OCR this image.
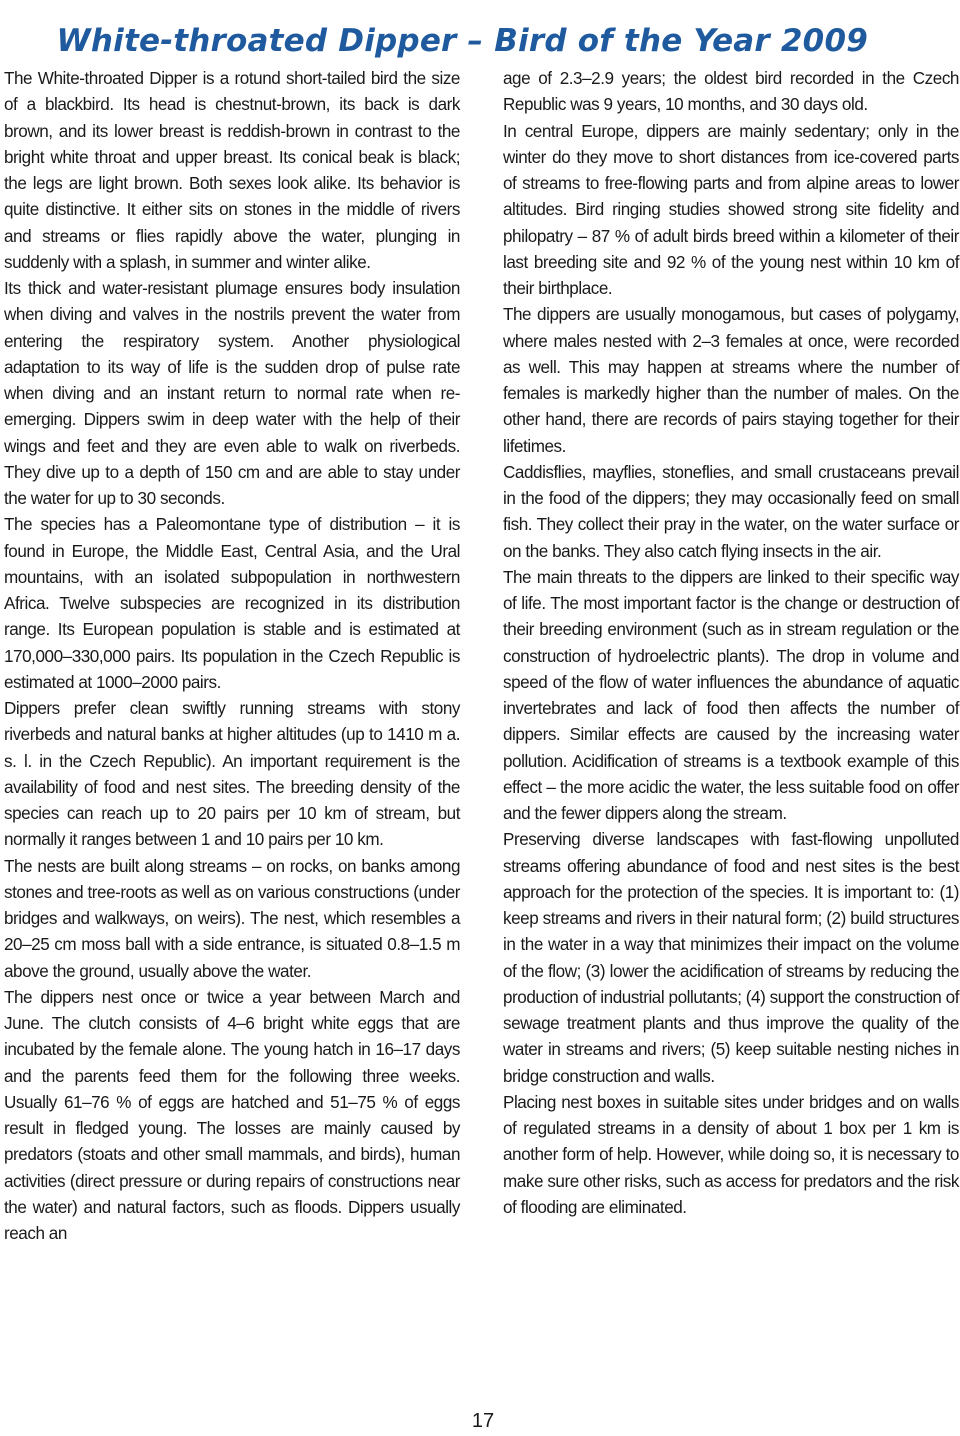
White-throated Dipper – Bird of the Year 2009

The White-throated Dipper is a rotund short-tailed bird the size of a blackbird. Its head is chestnut-brown, its back is dark brown, and its lower breast is reddish-brown in contrast to the bright white throat and upper breast. Its conical beak is black; the legs are light brown. Both sexes look alike. Its behavior is quite distinctive. It either sits on stones in the middle of rivers and streams or flies rapidly above the water, plunging in suddenly with a splash, in summer and winter alike.

Its thick and water-resistant plumage ensures body insulation when diving and valves in the nostrils prevent the water from entering the respiratory system. Another physiological adaptation to its way of life is the sudden drop of pulse rate when diving and an instant return to normal rate when re-emerging. Dippers swim in deep water with the help of their wings and feet and they are even able to walk on riverbeds. They dive up to a depth of 150 cm and are able to stay under the water for up to 30 seconds.

The species has a Paleomontane type of distribution – it is found in Europe, the Middle East, Central Asia, and the Ural mountains, with an isolated subpopulation in northwestern Africa. Twelve subspecies are recognized in its distribution range. Its European population is stable and is estimated at 170,000–330,000 pairs. Its population in the Czech Republic is estimated at 1000–2000 pairs.

Dippers prefer clean swiftly running streams with stony riverbeds and natural banks at higher altitudes (up to 1410 m a. s. l. in the Czech Republic). An important requirement is the availability of food and nest sites. The breeding density of the species can reach up to 20 pairs per 10 km of stream, but normally it ranges between 1 and 10 pairs per 10 km.

The nests are built along streams – on rocks, on banks among stones and tree-roots as well as on various constructions (under bridges and walkways, on weirs). The nest, which resembles a 20–25 cm moss ball with a side entrance, is situated 0.8–1.5 m above the ground, usually above the water.

The dippers nest once or twice a year between March and June. The clutch consists of 4–6 bright white eggs that are incubated by the female alone. The young hatch in 16–17 days and the parents feed them for the following three weeks. Usually 61–76 % of eggs are hatched and 51–75 % of eggs result in fledged young. The losses are mainly caused by predators (stoats and other small mammals, and birds), human activities (direct pressure or during repairs of constructions near the water) and natural factors, such as floods. Dippers usually reach an

age of 2.3–2.9 years; the oldest bird recorded in the Czech Republic was 9 years, 10 months, and 30 days old.

In central Europe, dippers are mainly sedentary; only in the winter do they move to short distances from ice-covered parts of streams to free-flowing parts and from alpine areas to lower altitudes. Bird ringing studies showed strong site fidelity and philopatry – 87 % of adult birds breed within a kilometer of their last breeding site and 92 % of the young nest within 10 km of their birthplace.

The dippers are usually monogamous, but cases of polygamy, where males nested with 2–3 females at once, were recorded as well. This may happen at streams where the number of females is markedly higher than the number of males. On the other hand, there are records of pairs staying together for their lifetimes.

Caddisflies, mayflies, stoneflies, and small crustaceans prevail in the food of the dippers; they may occasionally feed on small fish. They collect their pray in the water, on the water surface or on the banks. They also catch flying insects in the air.

The main threats to the dippers are linked to their specific way of life. The most important factor is the change or destruction of their breeding environment (such as in stream regulation or the construction of hydroelectric plants). The drop in volume and speed of the flow of water influences the abundance of aquatic invertebrates and lack of food then affects the number of dippers. Similar effects are caused by the increasing water pollution. Acidification of streams is a textbook example of this effect – the more acidic the water, the less suitable food on offer and the fewer dippers along the stream.

Preserving diverse landscapes with fast-flowing unpolluted streams offering abundance of food and nest sites is the best approach for the protection of the species. It is important to: (1) keep streams and rivers in their natural form; (2) build structures in the water in a way that minimizes their impact on the volume of the flow; (3) lower the acidification of streams by reducing the production of industrial pollutants; (4) support the construction of sewage treatment plants and thus improve the quality of the water in streams and rivers; (5) keep suitable nesting niches in bridge construction and walls.

Placing nest boxes in suitable sites under bridges and on walls of regulated streams in a density of about 1 box per 1 km is another form of help. However, while doing so, it is necessary to make sure other risks, such as access for predators and the risk of flooding are eliminated.

17
